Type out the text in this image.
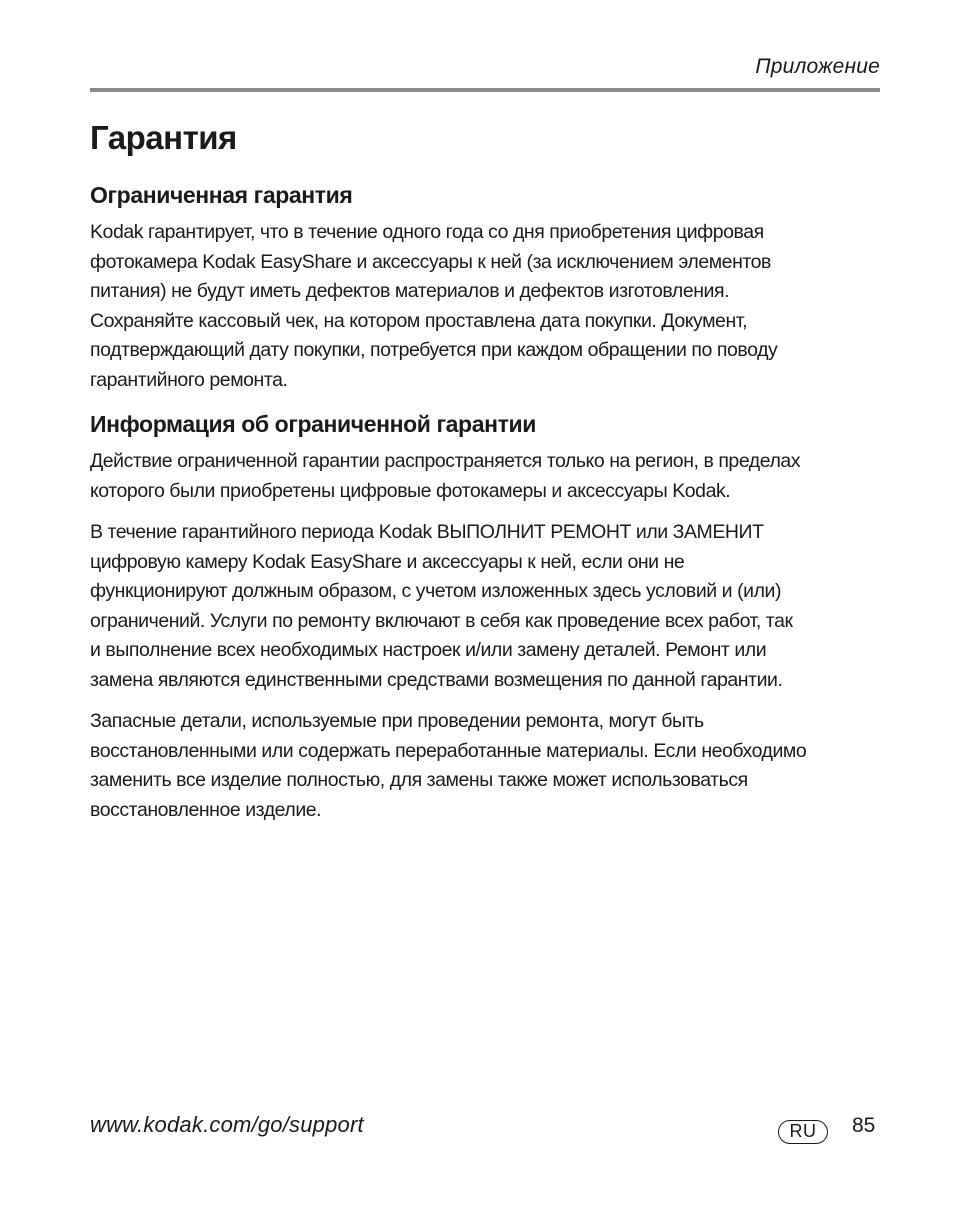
Приложение
Гарантия
Ограниченная гарантия

Kodak гарантирует, что в течение одного года со дня приобретения цифровая
фотокамера Kodak EasyShare и аксессуары к ней (за исключением элементов
питания) не будут иметь дефектов материалов и дефектов изготовления.
Сохраняйте кассовый чек, на котором проставлена дата покупки. Документ,
подтверждающий дату покупки, потребуется при каждом обращении по поводу
гарантийного ремонта.

Информация об ограниченной гарантии

Действие ограниченной гарантии распространяется только на регион, в пределах
которого были приобретены цифровые фотокамеры и аксессуары Kodak.

В течение гарантийного периода Kodak ВЫПОЛНИТ РЕМОНТ или ЗАМЕНИТ
цифровую камеру Kodak EasyShare и аксессуары к ней, если они не
функционируют должным образом, с учетом изложенных здесь условий и (или)
ограничений. Услуги по ремонту включают в себя как проведение всех работ, так
и выполнение всех необходимых настроек и/или замену деталей. Ремонт или
замена являются единственными средствами возмещения по данной гарантии.

Запасные детали, используемые при проведении ремонта, могут быть
восстановленными или содержать переработанные материалы. Если необходимо
заменить все изделие полностью, для замены также может использоваться
восстановленное изделие.

www.kodak.com/go/support	RU	85
